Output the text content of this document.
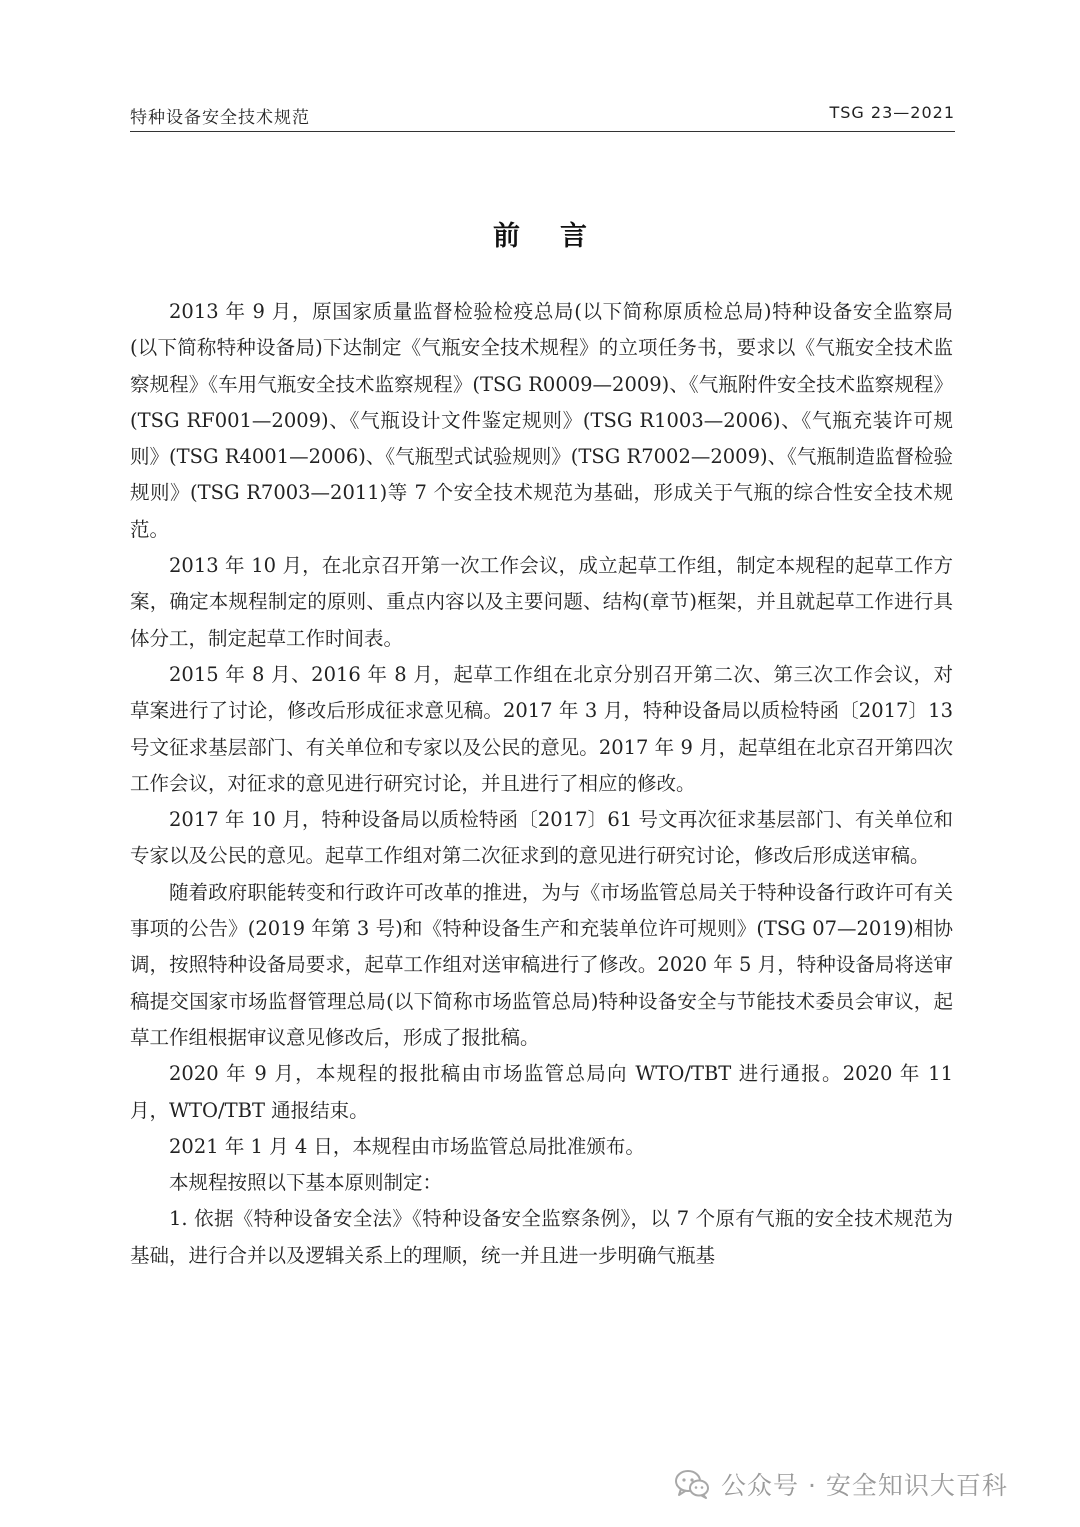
特种设备安全技术规范	TSG 23—2021
前言

2013 年 9 月，原国家质量监督检验检疫总局(以下简称原质检总局)特种设备安全监察局(以下简称特种设备局)下达制定《气瓶安全技术规程》的立项任务书，要求以《气瓶安全技术监察规程》《车用气瓶安全技术监察规程》(TSG R0009—2009)、《气瓶附件安全技术监察规程》(TSG RF001—2009)、《气瓶设计文件鉴定规则》(TSG R1003—2006)、《气瓶充装许可规则》(TSG R4001—2006)、《气瓶型式试验规则》(TSG R7002—2009)、《气瓶制造监督检验规则》(TSG R7003—2011)等 7 个安全技术规范为基础，形成关于气瓶的综合性安全技术规范。

2013 年 10 月，在北京召开第一次工作会议，成立起草工作组，制定本规程的起草工作方案，确定本规程制定的原则、重点内容以及主要问题、结构(章节)框架，并且就起草工作进行具体分工，制定起草工作时间表。

2015 年 8 月、2016 年 8 月，起草工作组在北京分别召开第二次、第三次工作会议，对草案进行了讨论，修改后形成征求意见稿。2017 年 3 月，特种设备局以质检特函〔2017〕13 号文征求基层部门、有关单位和专家以及公民的意见。2017 年 9 月，起草组在北京召开第四次工作会议，对征求的意见进行研究讨论，并且进行了相应的修改。

2017 年 10 月，特种设备局以质检特函〔2017〕61 号文再次征求基层部门、有关单位和专家以及公民的意见。起草工作组对第二次征求到的意见进行研究讨论，修改后形成送审稿。

随着政府职能转变和行政许可改革的推进，为与《市场监管总局关于特种设备行政许可有关事项的公告》(2019 年第 3 号)和《特种设备生产和充装单位许可规则》(TSG 07—2019)相协调，按照特种设备局要求，起草工作组对送审稿进行了修改。2020 年 5 月，特种设备局将送审稿提交国家市场监督管理总局(以下简称市场监管总局)特种设备安全与节能技术委员会审议，起草工作组根据审议意见修改后，形成了报批稿。

2020 年 9 月，本规程的报批稿由市场监管总局向 WTO/TBT 进行通报。2020 年 11 月，WTO/TBT 通报结束。

2021 年 1 月 4 日，本规程由市场监管总局批准颁布。

本规程按照以下基本原则制定：

1. 依据《特种设备安全法》《特种设备安全监察条例》，以 7 个原有气瓶的安全技术规范为基础，进行合并以及逻辑关系上的理顺，统一并且进一步明确气瓶基

公众号 · 安全知识大百科
